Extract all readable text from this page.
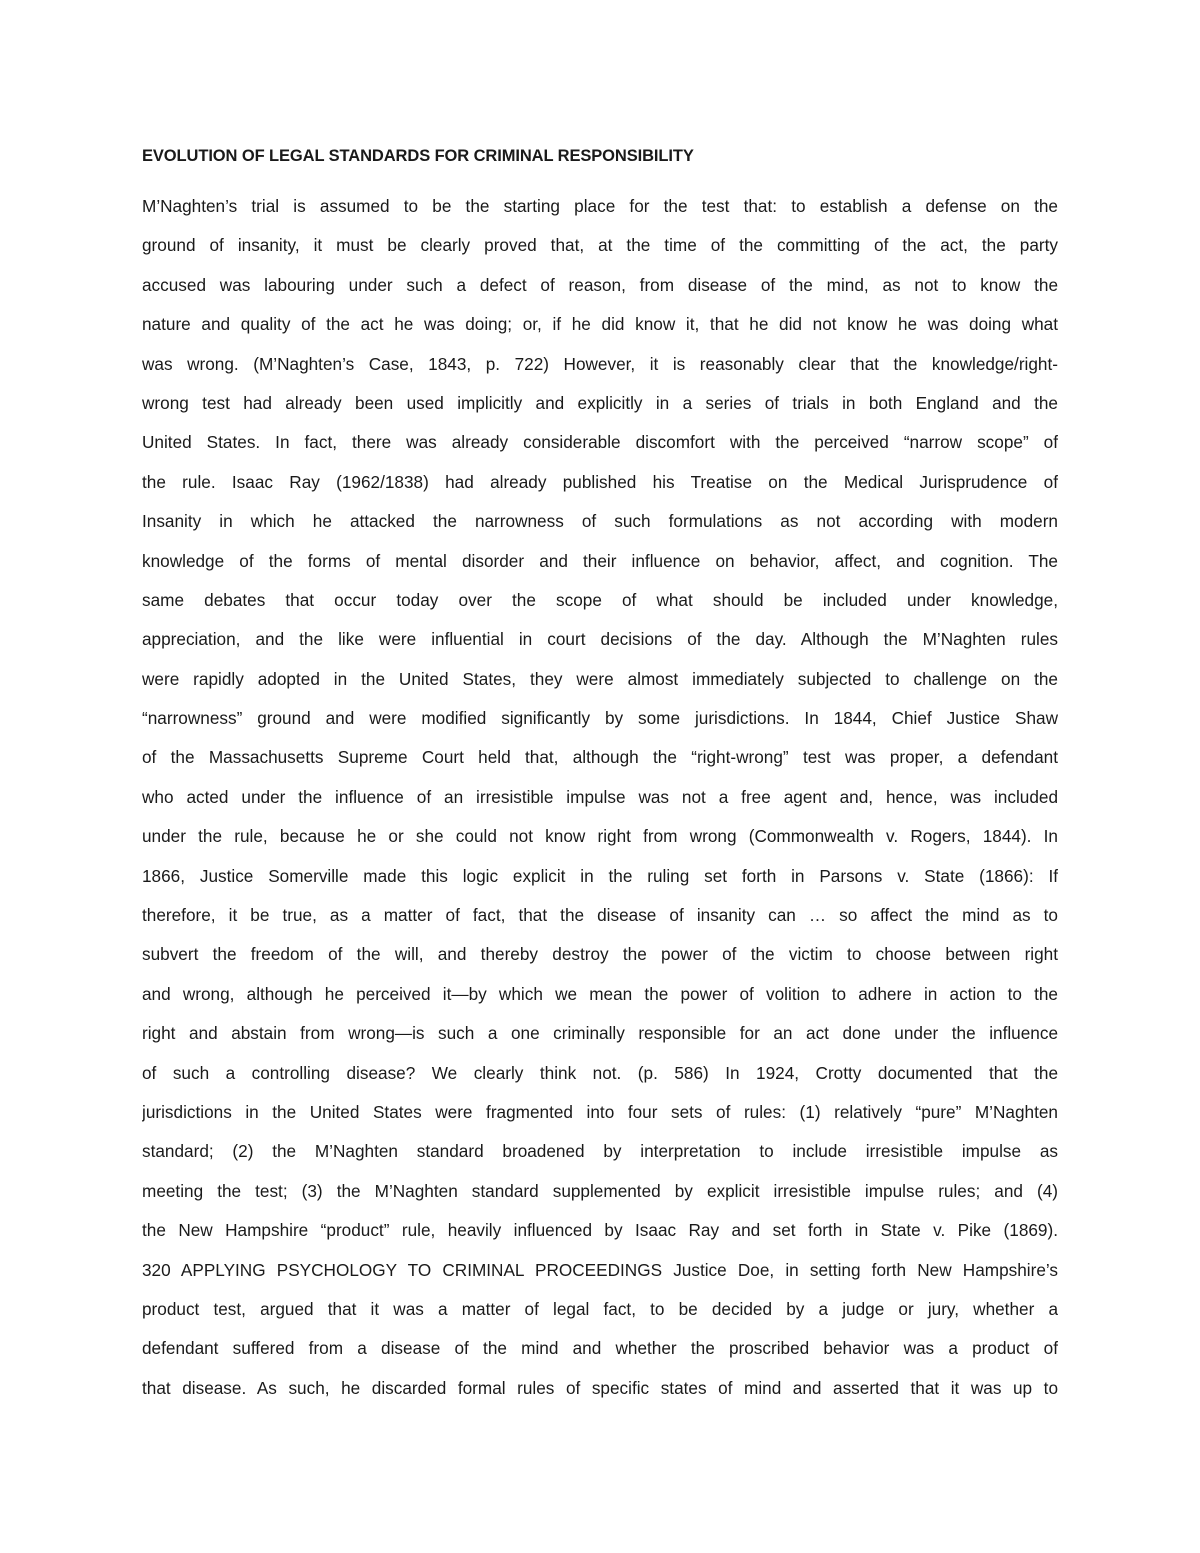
EVOLUTION OF LEGAL STANDARDS FOR CRIMINAL RESPONSIBILITY
M’Naghten’s trial is assumed to be the starting place for the test that: to establish a defense on the
ground of insanity, it must be clearly proved that, at the time of the committing of the act, the party
accused was labouring under such a defect of reason, from disease of the mind, as not to know the
nature and quality of the act he was doing; or, if he did know it, that he did not know he was doing what
was wrong. (M’Naghten’s Case, 1843, p. 722) However, it is reasonably clear that the knowledge/right-
wrong test had already been used implicitly and explicitly in a series of trials in both England and the
United States. In fact, there was already considerable discomfort with the perceived “narrow scope” of
the rule. Isaac Ray (1962/1838) had already published his Treatise on the Medical Jurisprudence of
Insanity in which he attacked the narrowness of such formulations as not according with modern
knowledge of the forms of mental disorder and their influence on behavior, affect, and cognition. The
same debates that occur today over the scope of what should be included under knowledge,
appreciation, and the like were influential in court decisions of the day. Although the M’Naghten rules
were rapidly adopted in the United States, they were almost immediately subjected to challenge on the
“narrowness” ground and were modified significantly by some jurisdictions. In 1844, Chief Justice Shaw
of the Massachusetts Supreme Court held that, although the “right-wrong” test was proper, a defendant
who acted under the influence of an irresistible impulse was not a free agent and, hence, was included
under the rule, because he or she could not know right from wrong (Commonwealth v. Rogers, 1844). In
1866, Justice Somerville made this logic explicit in the ruling set forth in Parsons v. State (1866): If
therefore, it be true, as a matter of fact, that the disease of insanity can … so affect the mind as to
subvert the freedom of the will, and thereby destroy the power of the victim to choose between right
and wrong, although he perceived it—by which we mean the power of volition to adhere in action to the
right and abstain from wrong—is such a one criminally responsible for an act done under the influence
of such a controlling disease? We clearly think not. (p. 586) In 1924, Crotty documented that the
jurisdictions in the United States were fragmented into four sets of rules: (1) relatively “pure” M’Naghten
standard; (2) the M’Naghten standard broadened by interpretation to include irresistible impulse as
meeting the test; (3) the M’Naghten standard supplemented by explicit irresistible impulse rules; and (4)
the New Hampshire “product” rule, heavily influenced by Isaac Ray and set forth in State v. Pike (1869).
320 APPLYING PSYCHOLOGY TO CRIMINAL PROCEEDINGS Justice Doe, in setting forth New Hampshire’s
product test, argued that it was a matter of legal fact, to be decided by a judge or jury, whether a
defendant suffered from a disease of the mind and whether the proscribed behavior was a product of
that disease. As such, he discarded formal rules of specific states of mind and asserted that it was up to
